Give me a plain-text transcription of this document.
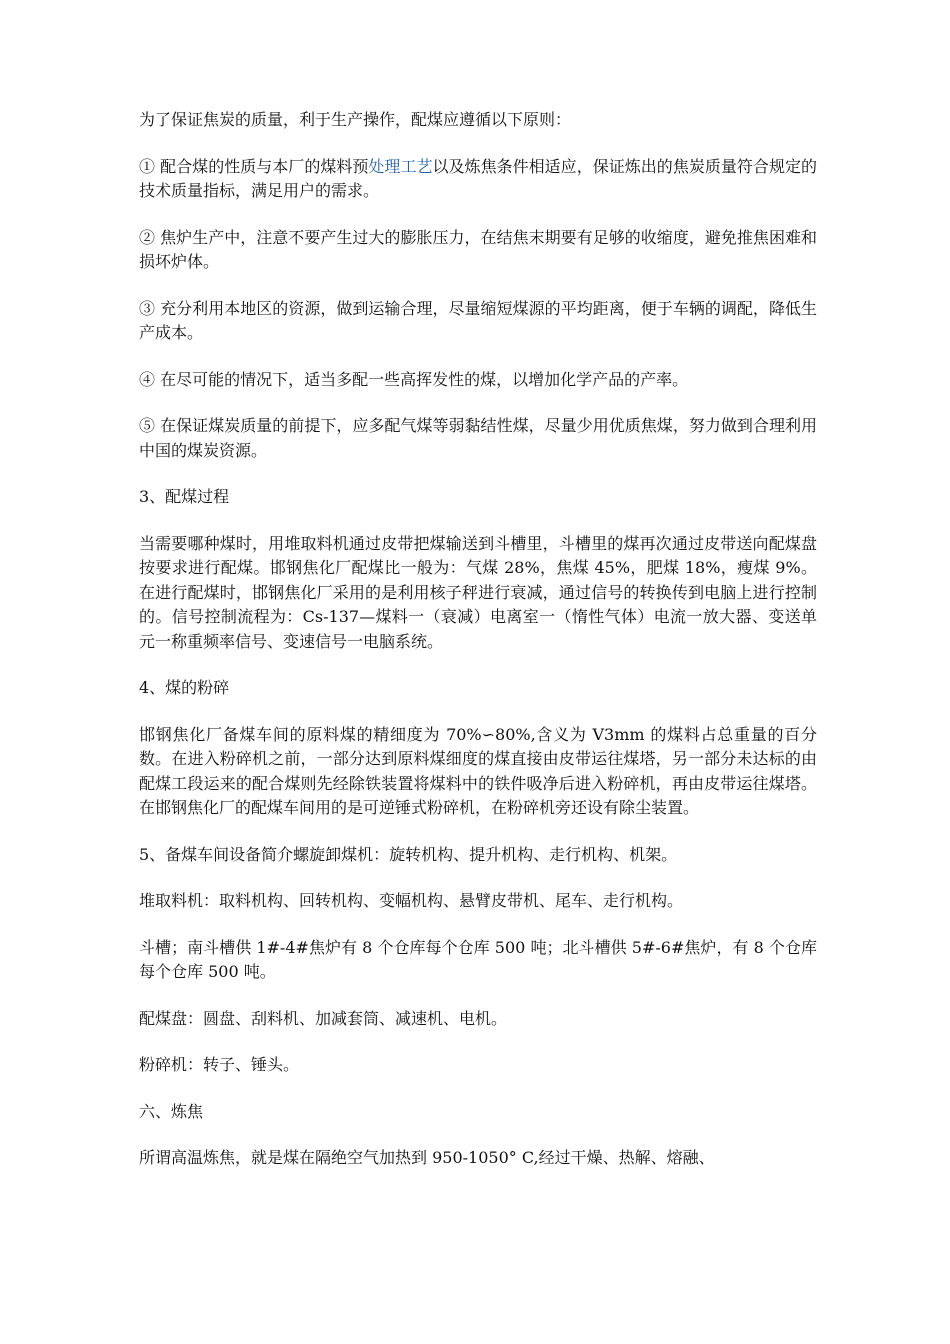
为了保证焦炭的质量，利于生产操作，配煤应遵循以下原则：

① 配合煤的性质与本厂的煤料预处理工艺以及炼焦条件相适应，保证炼出的焦炭质量符合规定的技术质量指标，满足用户的需求。

② 焦炉生产中，注意不要产生过大的膨胀压力，在结焦末期要有足够的收缩度，避免推焦困难和损坏炉体。

③ 充分利用本地区的资源，做到运输合理，尽量缩短煤源的平均距离，便于车辆的调配，降低生产成本。

④ 在尽可能的情况下，适当多配一些高挥发性的煤，以增加化学产品的产率。

⑤ 在保证煤炭质量的前提下，应多配气煤等弱黏结性煤，尽量少用优质焦煤，努力做到合理利用中国的煤炭资源。

3、配煤过程

当需要哪种煤时，用堆取料机通过皮带把煤输送到斗槽里，斗槽里的煤再次通过皮带送向配煤盘按要求进行配煤。邯钢焦化厂配煤比一般为：气煤 28%，焦煤 45%，肥煤 18%，瘦煤 9%。在进行配煤时，邯钢焦化厂采用的是利用核子秤进行衰减，通过信号的转换传到电脑上进行控制的。信号控制流程为：Cs-137—煤料一（衰减）电离室一（惰性气体）电流一放大器、变送单元一称重频率信号、变速信号一电脑系统。

4、煤的粉碎

邯钢焦化厂备煤车间的原料煤的精细度为 70%∽80%,含义为 V3mm 的煤料占总重量的百分数。在进入粉碎机之前，一部分达到原料煤细度的煤直接由皮带运往煤塔，另一部分未达标的由配煤工段运来的配合煤则先经除铁装置将煤料中的铁件吸净后进入粉碎机，再由皮带运往煤塔。在邯钢焦化厂的配煤车间用的是可逆锤式粉碎机，在粉碎机旁还设有除尘装置。

5、备煤车间设备简介螺旋卸煤机：旋转机构、提升机构、走行机构、机架。

堆取料机：取料机构、回转机构、变幅机构、悬臂皮带机、尾车、走行机构。

斗槽；南斗槽供 1#-4#焦炉有 8 个仓库每个仓库 500 吨；北斗槽供 5#-6#焦炉，有 8 个仓库每个仓库 500 吨。

配煤盘：圆盘、刮料机、加减套筒、减速机、电机。

粉碎机：转子、锤头。

六、炼焦

所谓高温炼焦，就是煤在隔绝空气加热到 950-1050° C,经过干燥、热解、熔融、
